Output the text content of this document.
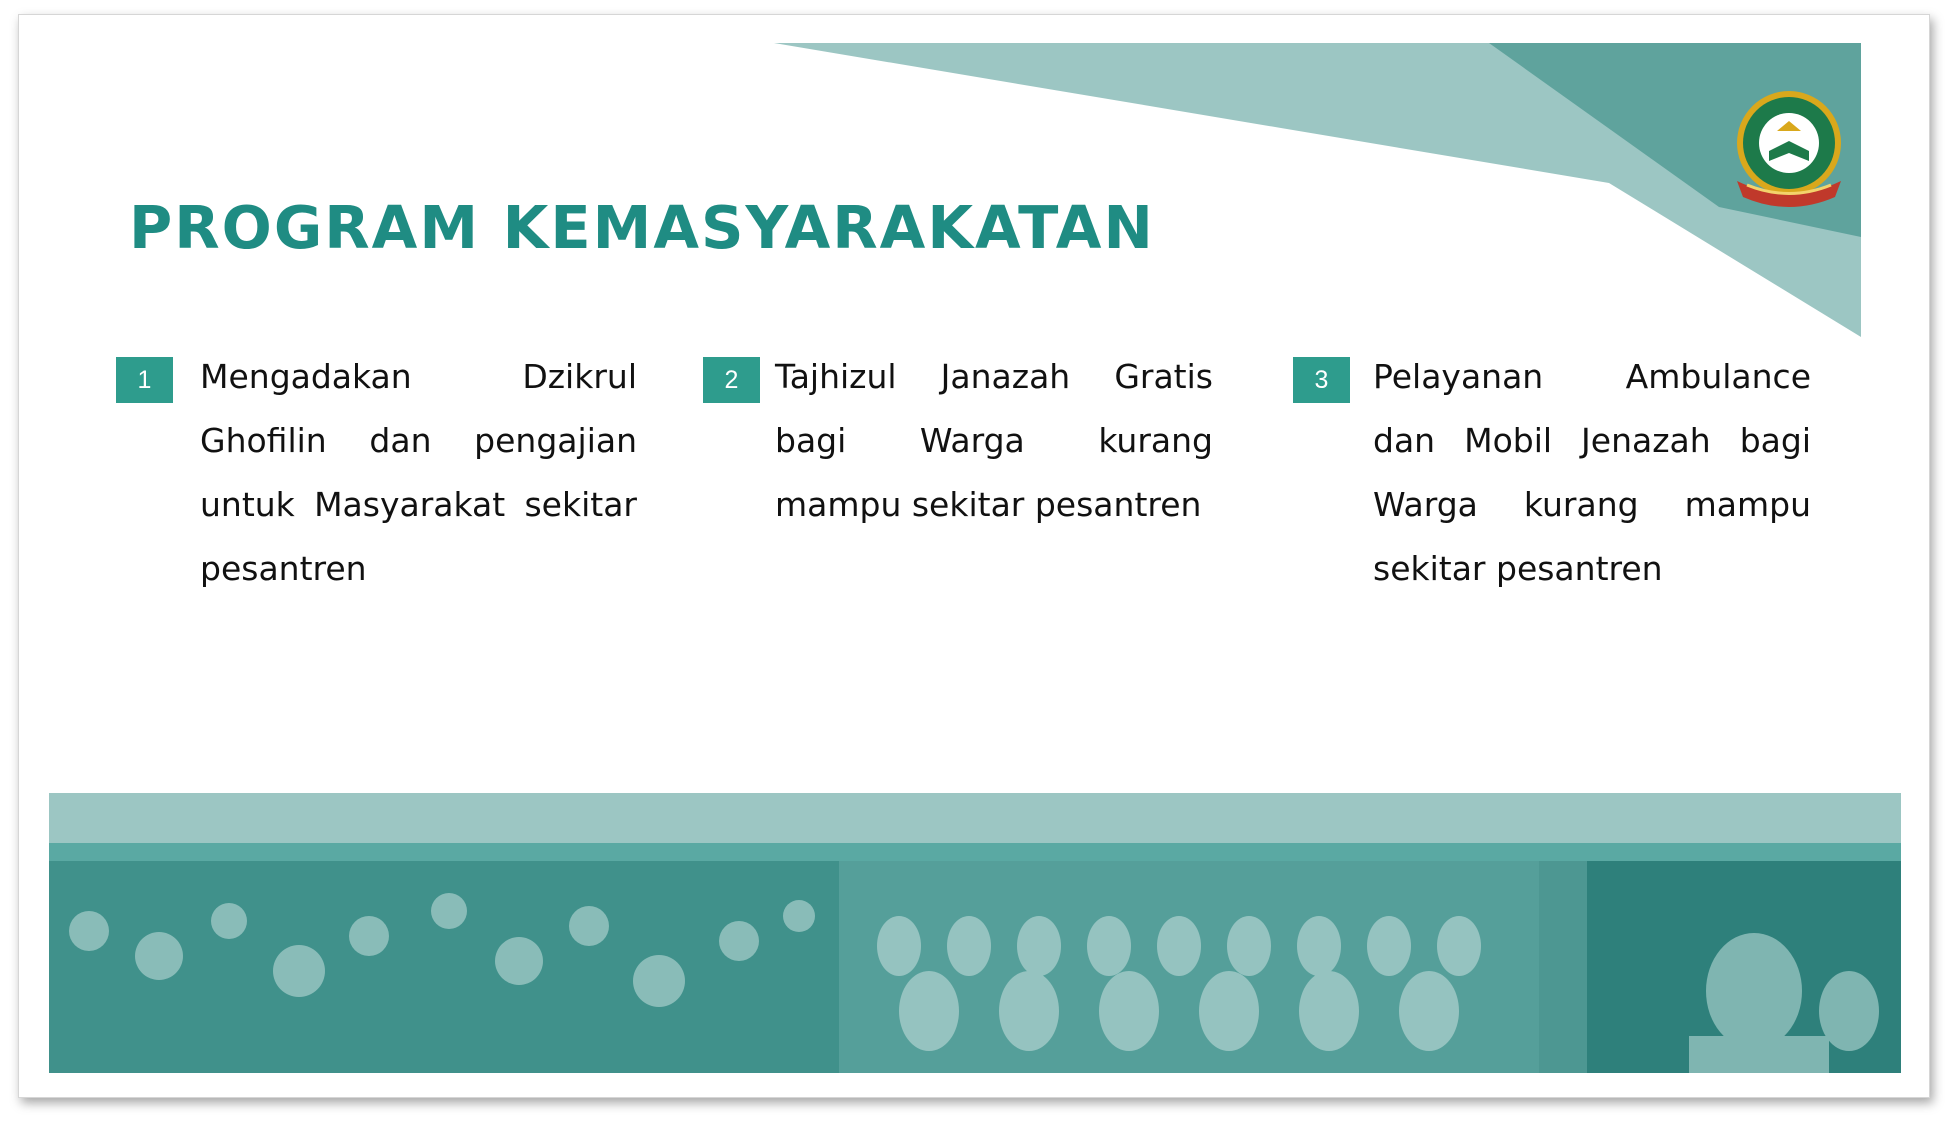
PROGRAM KEMASYARAKATAN
1	Mengadakan Dzikrul Ghofilin dan pengajian untuk Masyarakat sekitar pesantren

2	Tajhizul Janazah Gratis bagi Warga kurang mampu sekitar pesantren

3	Pelayanan Ambulance dan Mobil Jenazah bagi Warga kurang mampu sekitar pesantren
